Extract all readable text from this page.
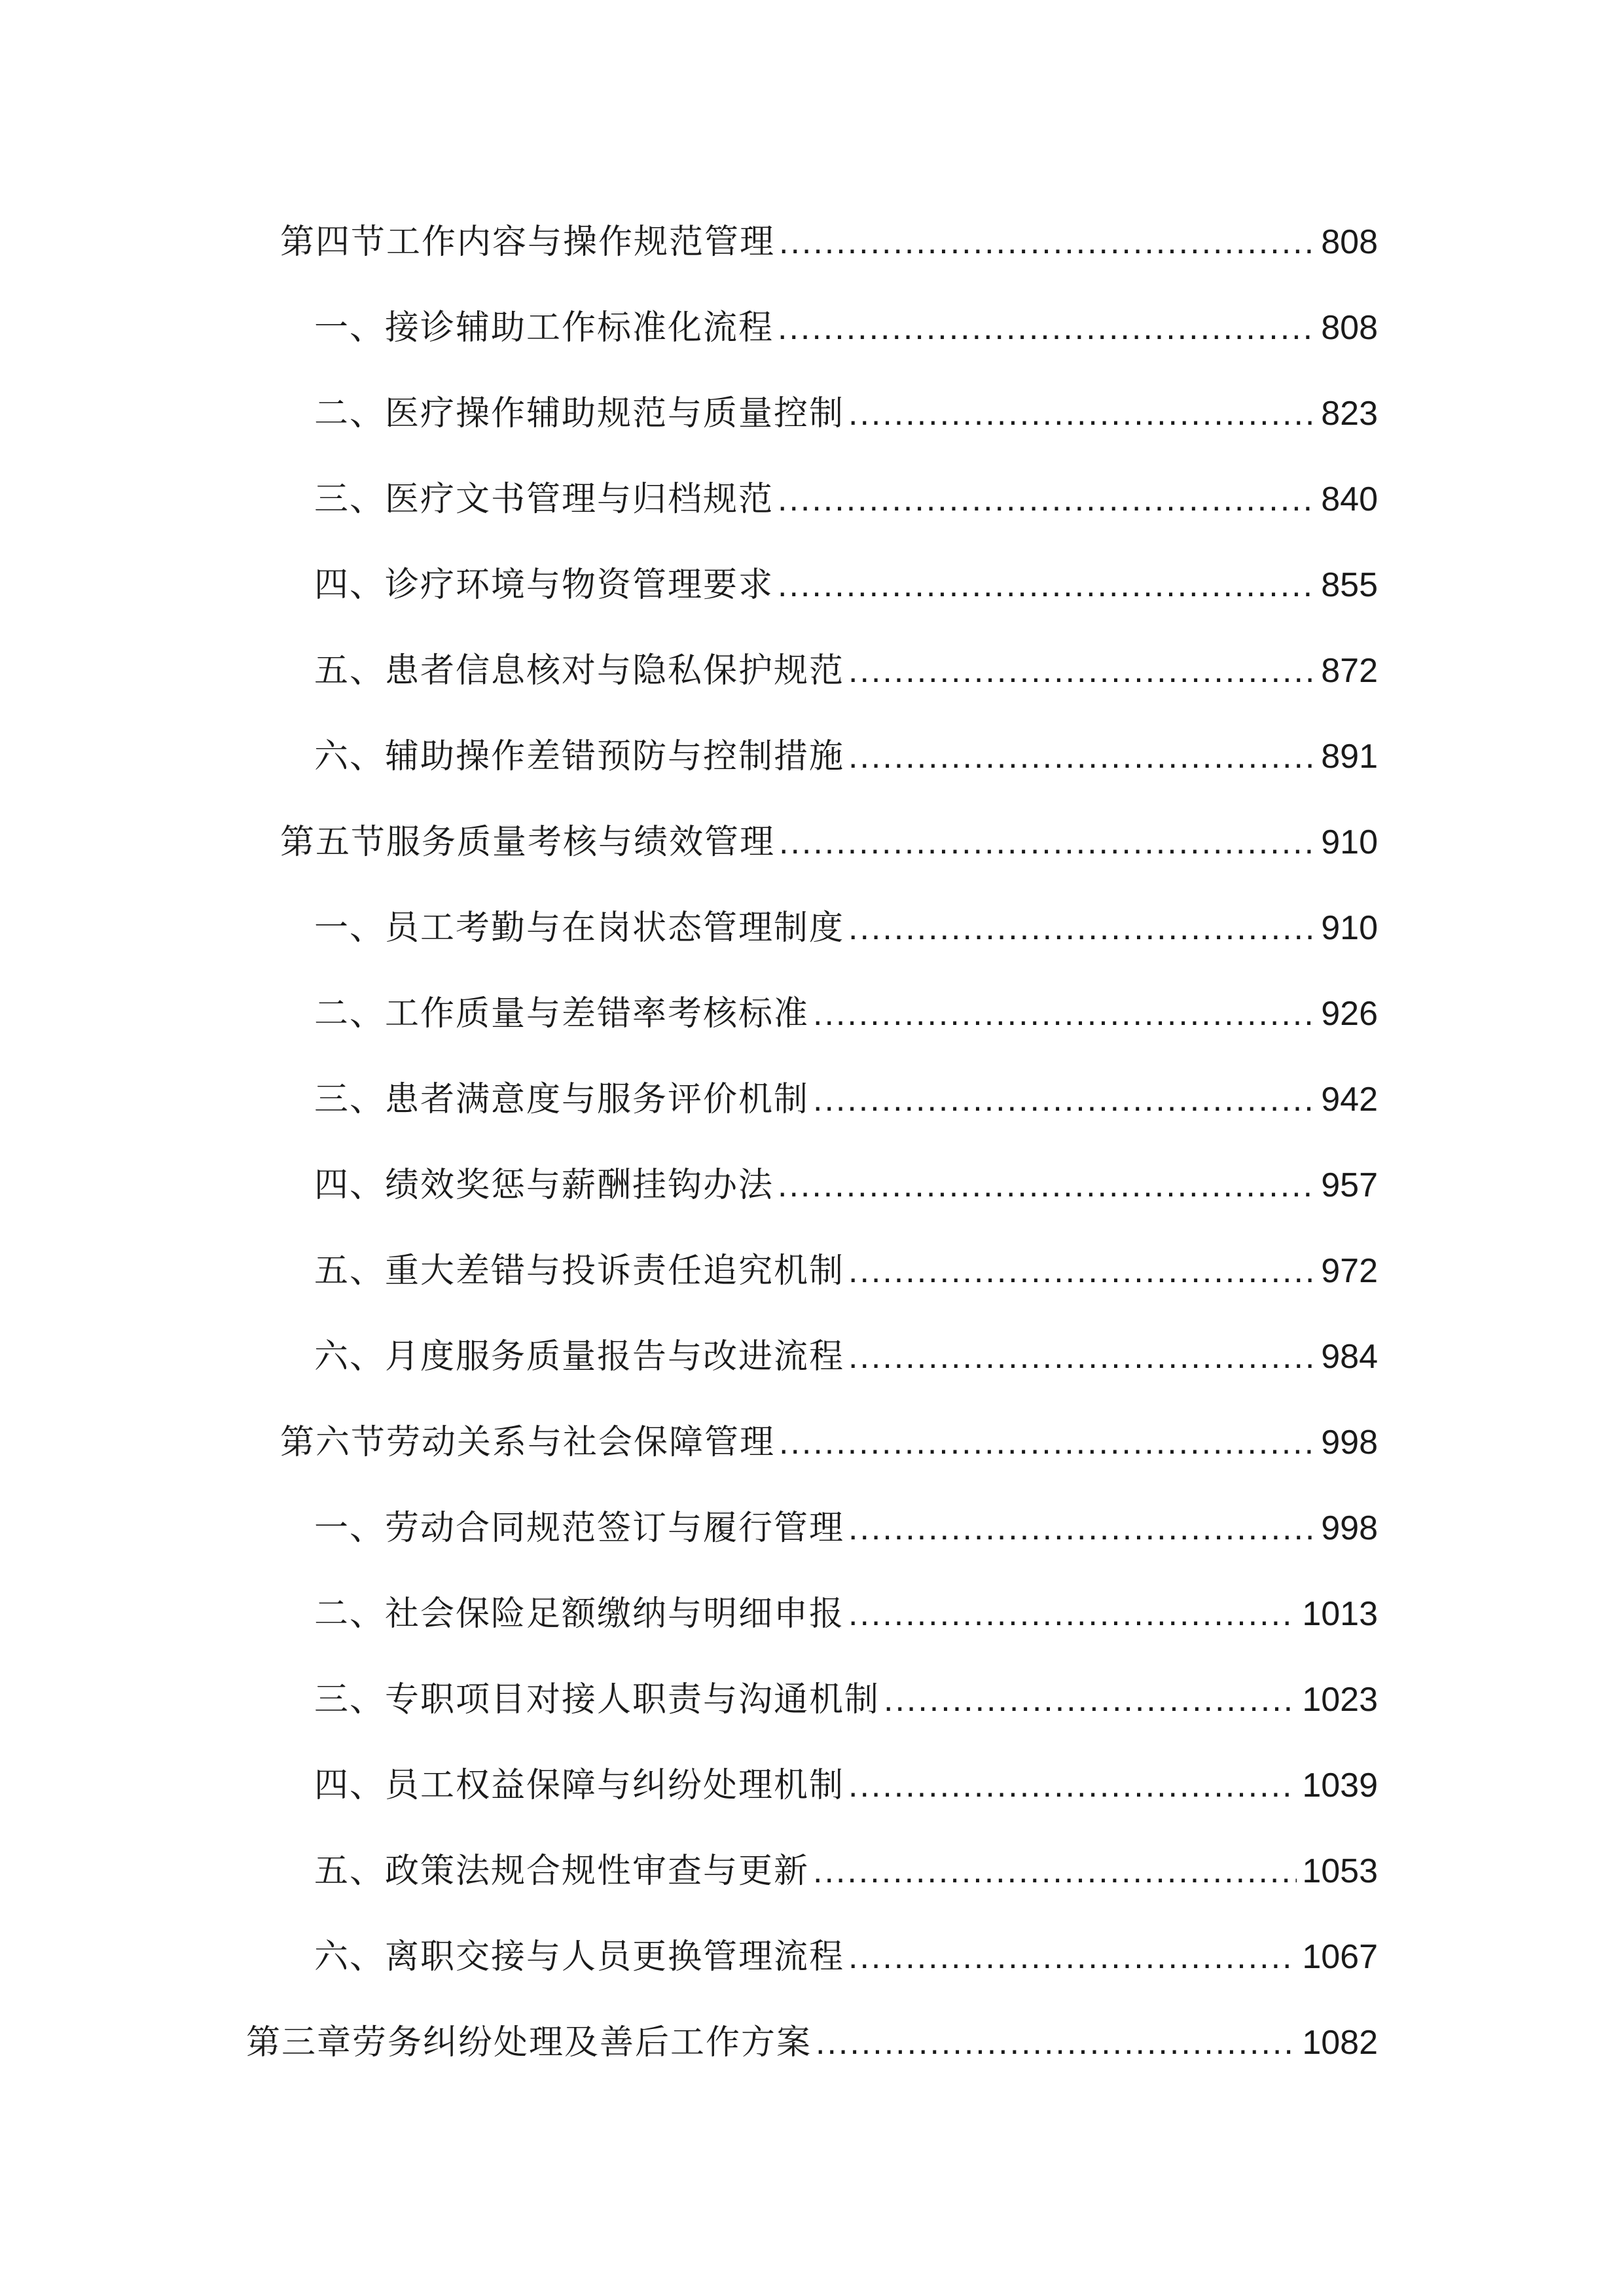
第四节工作内容与操作规范管理 .....	808
一、接诊辅助工作标准化流程 .....	808
二、医疗操作辅助规范与质量控制 .....	823
三、医疗文书管理与归档规范 .....	840
四、诊疗环境与物资管理要求 .....	855
五、患者信息核对与隐私保护规范 .....	872
六、辅助操作差错预防与控制措施 .....	891
第五节服务质量考核与绩效管理 .....	910
一、员工考勤与在岗状态管理制度 .....	910
二、工作质量与差错率考核标准 .....	926
三、患者满意度与服务评价机制 .....	942
四、绩效奖惩与薪酬挂钩办法 .....	957
五、重大差错与投诉责任追究机制 .....	972
六、月度服务质量报告与改进流程 .....	984
第六节劳动关系与社会保障管理 .....	998
一、劳动合同规范签订与履行管理 .....	998
二、社会保险足额缴纳与明细申报 .....	1013
三、专职项目对接人职责与沟通机制 .....	1023
四、员工权益保障与纠纷处理机制 .....	1039
五、政策法规合规性审查与更新 .....	1053
六、离职交接与人员更换管理流程 .....	1067
第三章劳务纠纷处理及善后工作方案 .....	1082
